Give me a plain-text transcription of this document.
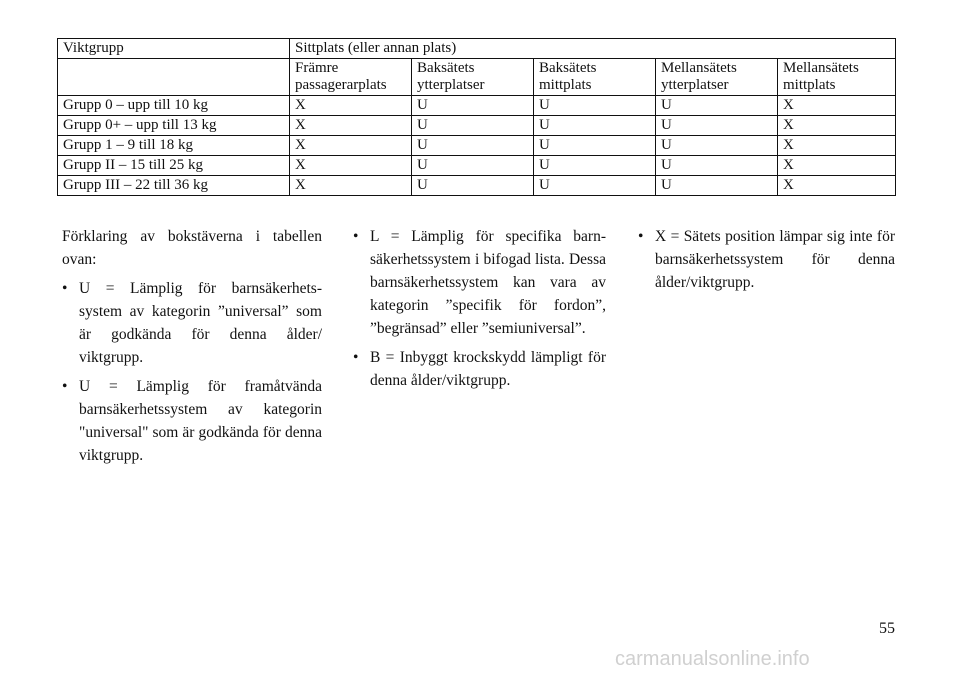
Viktgrupp	Sittplats (eller annan plats)				
	Främre passagerarplats	Baksätets ytterplatser	Baksätets mittplats	Mellansätets ytterplatser	Mellansätets mittplats
Grupp 0 – upp till 10 kg	X	U	U	U	X
Grupp 0+ – upp till 13 kg	X	U	U	U	X
Grupp 1 – 9 till 18 kg	X	U	U	U	X
Grupp II – 15 till 25 kg	X	U	U	U	X
Grupp III – 22 till 36 kg	X	U	U	U	X

Förklaring av bokstäverna i tabellen ovan:

• U = Lämplig för barnsäkerhets- system av kategorin ”universal” som är godkända för denna ålder/ viktgrupp.

• U = Lämplig för framåtvända barnsäkerhetssystem av kategorin "universal" som är godkända för denna viktgrupp.

• L = Lämplig för specifika barn- säkerhetssystem i bifogad lista. Dessa barnsäkerhetssystem kan vara av kategorin ”specifik för fordon”, ”begränsad” eller ”semiuniversal”.

• B = Inbyggt krockskydd lämpligt för denna ålder/viktgrupp.

• X = Sätets position lämpar sig inte för barnsäkerhetssystem för denna ålder/viktgrupp.

55
carmanualsonline.info
